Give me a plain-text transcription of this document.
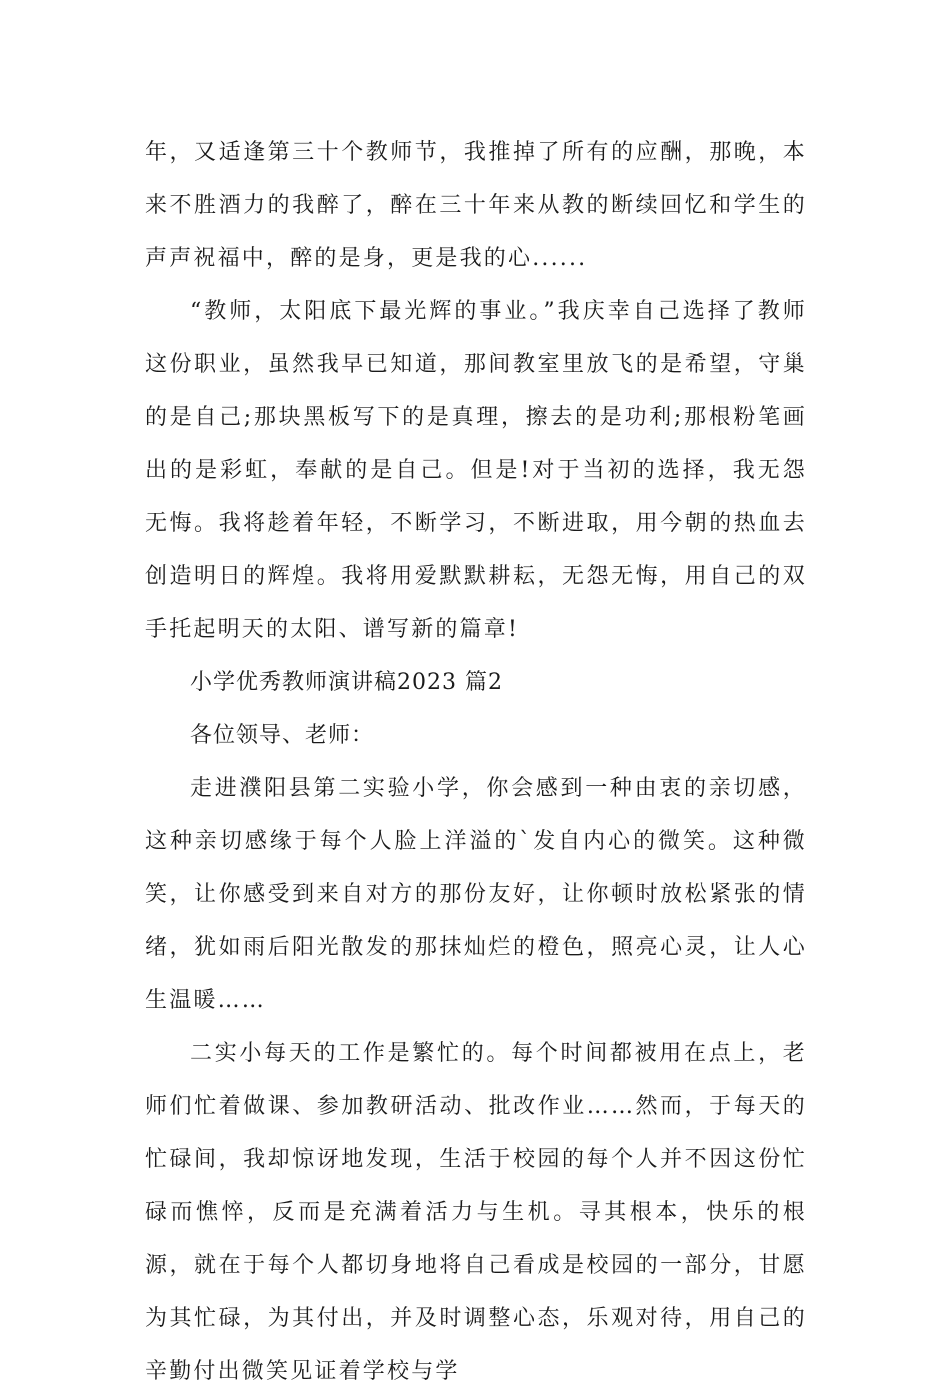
年，又适逢第三十个教师节，我推掉了所有的应酬，那晚，本来不胜酒力的我醉了，醉在三十年来从教的断续回忆和学生的声声祝福中，醉的是身，更是我的心......

“教师，太阳底下最光辉的事业。”我庆幸自己选择了教师这份职业，虽然我早已知道，那间教室里放飞的是希望，守巢的是自己;那块黑板写下的是真理，擦去的是功利;那根粉笔画出的是彩虹，奉献的是自己。但是!对于当初的选择，我无怨无悔。我将趁着年轻，不断学习，不断进取，用今朝的热血去创造明日的辉煌。我将用爱默默耕耘，无怨无悔，用自己的双手托起明天的太阳、谱写新的篇章!

小学优秀教师演讲稿2023 篇2

各位领导、老师：

走进濮阳县第二实验小学，你会感到一种由衷的亲切感，这种亲切感缘于每个人脸上洋溢的`发自内心的微笑。这种微笑，让你感受到来自对方的那份友好，让你顿时放松紧张的情绪，犹如雨后阳光散发的那抹灿烂的橙色，照亮心灵，让人心生温暖……

二实小每天的工作是繁忙的。每个时间都被用在点上，老师们忙着做课、参加教研活动、批改作业……然而，于每天的忙碌间，我却惊讶地发现，生活于校园的每个人并不因这份忙碌而憔悴，反而是充满着活力与生机。寻其根本，快乐的根源，就在于每个人都切身地将自己看成是校园的一部分，甘愿为其忙碌，为其付出，并及时调整心态，乐观对待，用自己的辛勤付出微笑见证着学校与学
